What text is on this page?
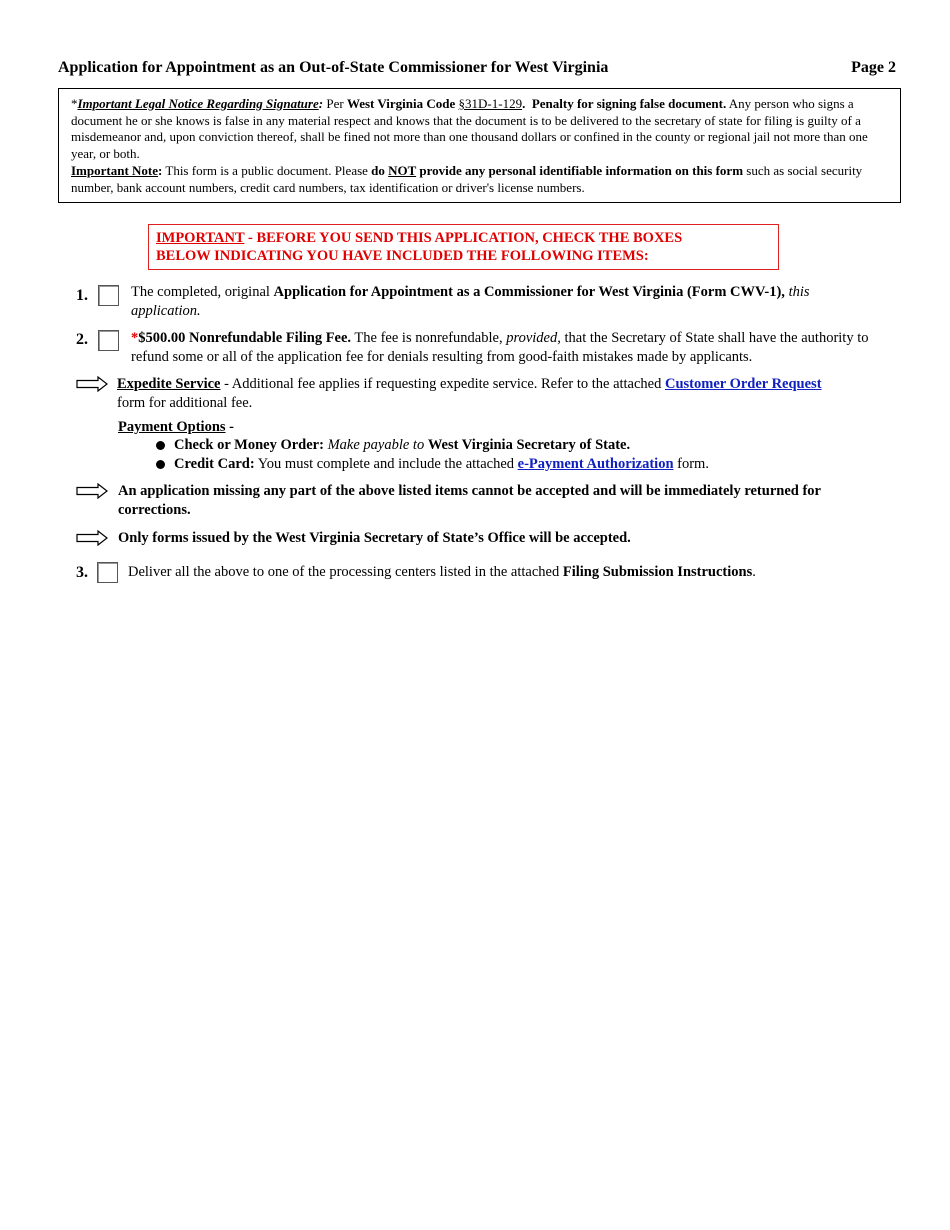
Application for Appointment as an Out-of-State Commissioner for West Virginia	Page 2

*Important Legal Notice Regarding Signature: Per West Virginia Code §31D-1-129.  Penalty for signing false document. Any person who signs a document he or she knows is false in any material respect and knows that the document is to be delivered to the secretary of state for filing is guilty of a misdemeanor and, upon conviction thereof, shall be fined not more than one thousand dollars or confined in the county or regional jail not more than one year, or both.

Important Note: This form is a public document. Please do NOT provide any personal identifiable information on this form such as social security number, bank account numbers, credit card numbers, tax identification or driver's license numbers.

IMPORTANT - BEFORE YOU SEND THIS APPLICATION, CHECK THE BOXES
BELOW INDICATING YOU HAVE INCLUDED THE FOLLOWING ITEMS:
1.	The completed, original Application for Appointment as a Commissioner for West Virginia (Form CWV-1), this application.
2.	*$500.00 Nonrefundable Filing Fee. The fee is nonrefundable, provided, that the Secretary of State shall have the authority to refund some or all of the application fee for denials resulting from good-faith mistakes made by applicants.
Expedite Service - Additional fee applies if requesting expedite service. Refer to the attached Customer Order Request form for additional fee.
Payment Options -
Check or Money Order: Make payable to West Virginia Secretary of State.
Credit Card: You must complete and include the attached e-Payment Authorization form.
An application missing any part of the above listed items cannot be accepted and will be immediately returned for corrections.
Only forms issued by the West Virginia Secretary of State’s Office will be accepted.
3.	Deliver all the above to one of the processing centers listed in the attached Filing Submission Instructions.
